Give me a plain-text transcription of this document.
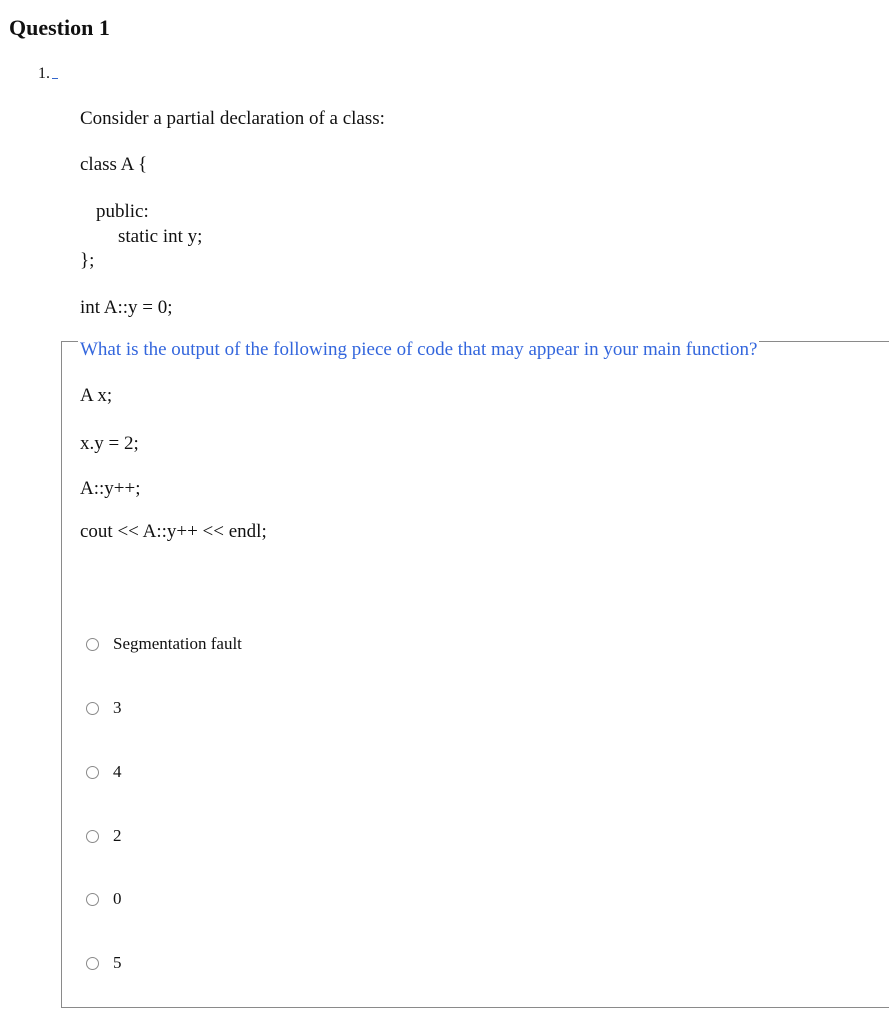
Question 1
1.
Consider a partial declaration of a class:
class A {
public:
static int y;
};
int A::y = 0;
What is the output of the following piece of code that may appear in your main function?
A x;
x.y = 2;
A::y++;
cout << A::y++ << endl;
Segmentation fault
3
4
2
0
5
